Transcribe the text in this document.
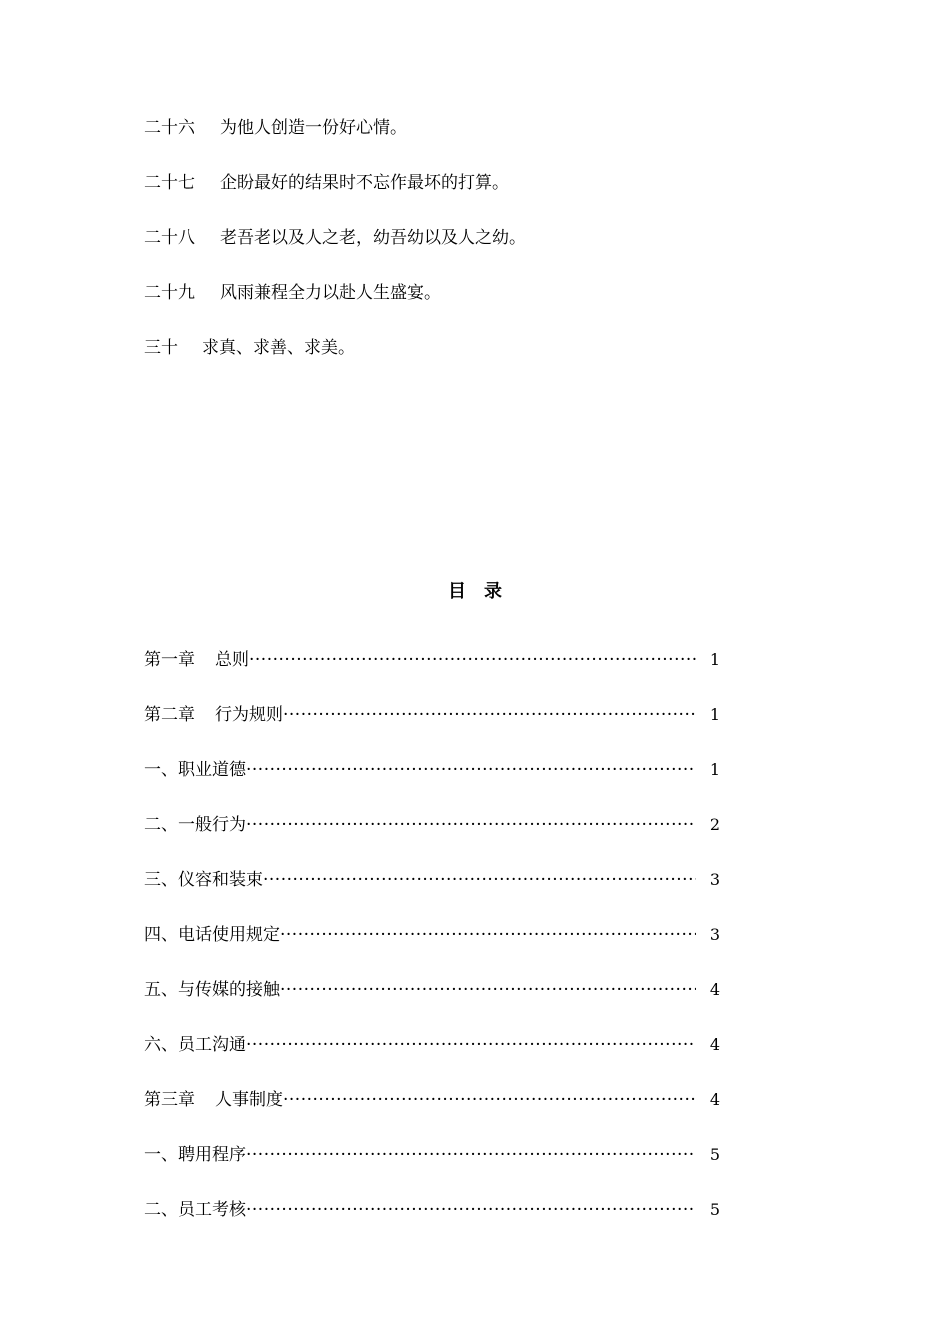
二十六 为他人创造一份好心情。
二十七 企盼最好的结果时不忘作最坏的打算。
二十八 老吾老以及人之老，幼吾幼以及人之幼。
二十九 风雨兼程全力以赴人生盛宴。
三十 求真、求善、求美。
目录
第一章 总则 ·····	1
第二章 行为规则 ·····	1
一、职业道德 ·····	1
二、一般行为 ·····	2
三、仪容和装束 ·····	3
四、电话使用规定 ·····	3
五、与传媒的接触 ·····	4
六、员工沟通 ·····	4
第三章 人事制度 ·····	4
一、聘用程序 ·····	5
二、员工考核 ·····	5
